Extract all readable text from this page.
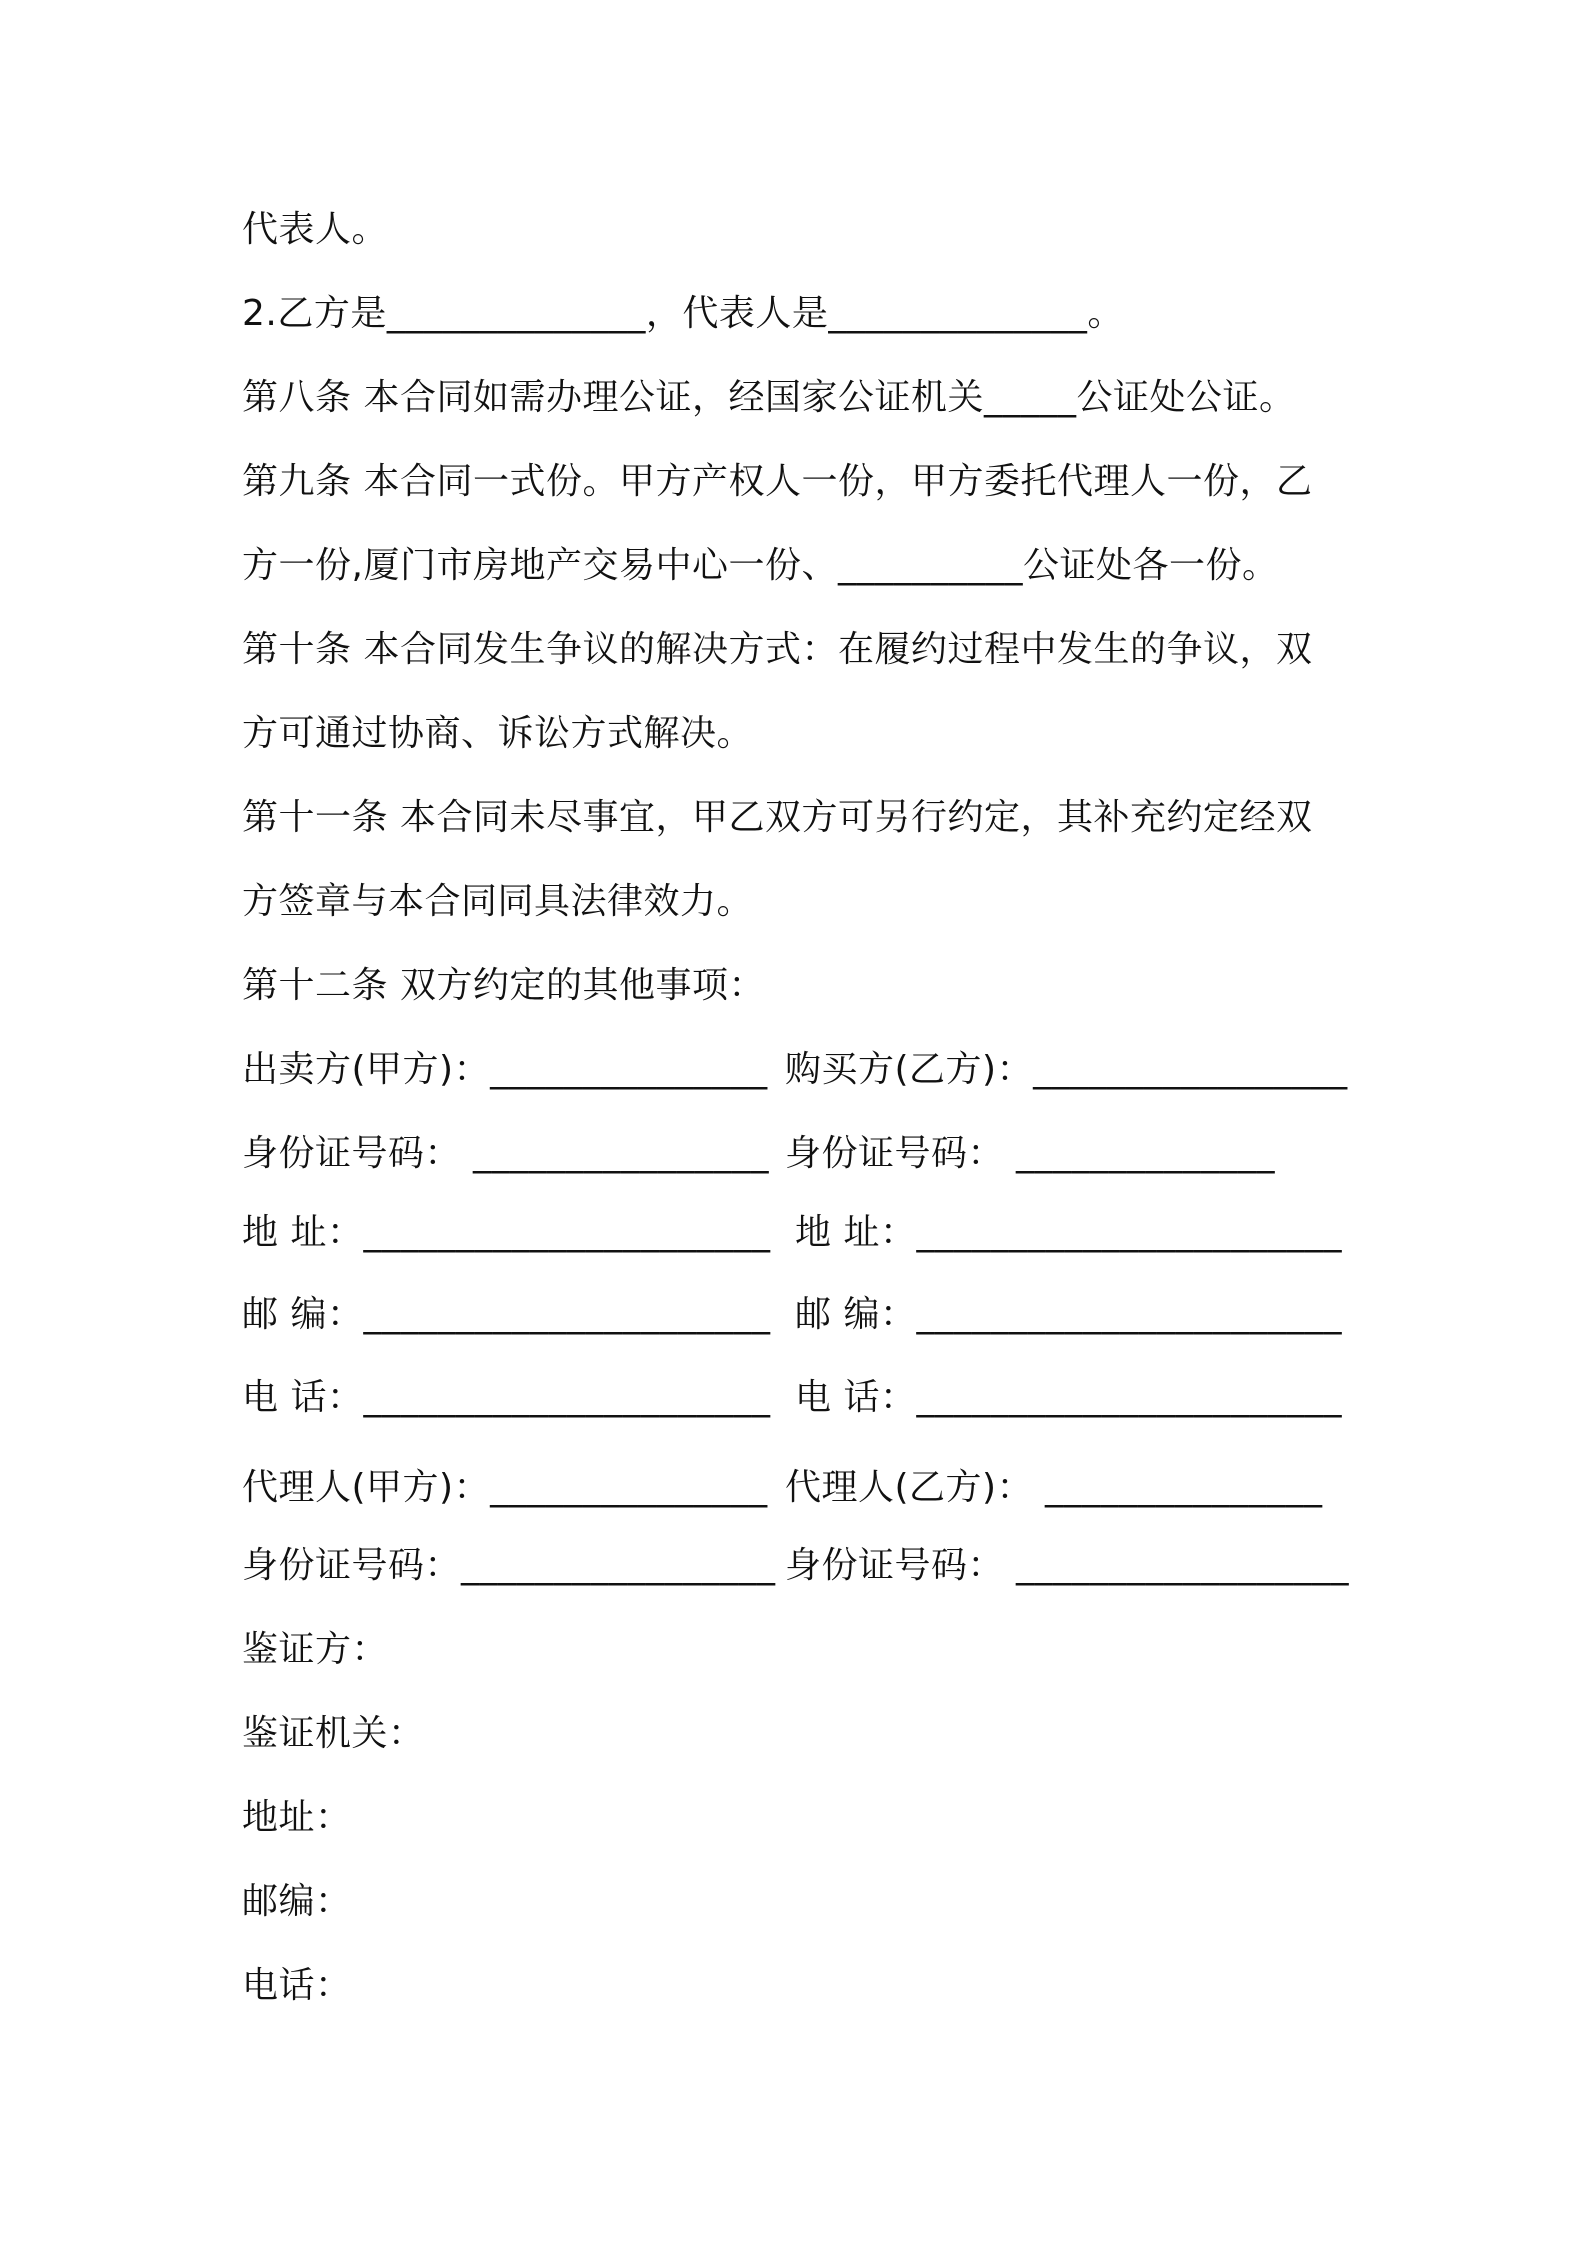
代表人。
2.乙方是______________，代表人是______________。
第八条 本合同如需办理公证，经国家公证机关_____公证处公证。
第九条 本合同一式份。甲方产权人一份，甲方委托代理人一份，乙
方一份,厦门市房地产交易中心一份、__________公证处各一份。
第十条 本合同发生争议的解决方式：在履约过程中发生的争议，双
方可通过协商、诉讼方式解决。
第十一条 本合同未尽事宜，甲乙双方可另行约定，其补充约定经双
方签章与本合同同具法律效力。
第十二条 双方约定的其他事项：
出卖方(甲方)：_______________ 购买方(乙方)：_________________
身份证号码： ________________ 身份证号码： ______________
地 址：______________________ 地 址：_______________________
邮 编：______________________ 邮 编：_______________________
电 话：______________________ 电 话：_______________________
代理人(甲方)：_______________ 代理人(乙方)： _______________
身份证号码：_________________ 身份证号码： __________________
鉴证方：
鉴证机关：
地址：
邮编：
电话：
